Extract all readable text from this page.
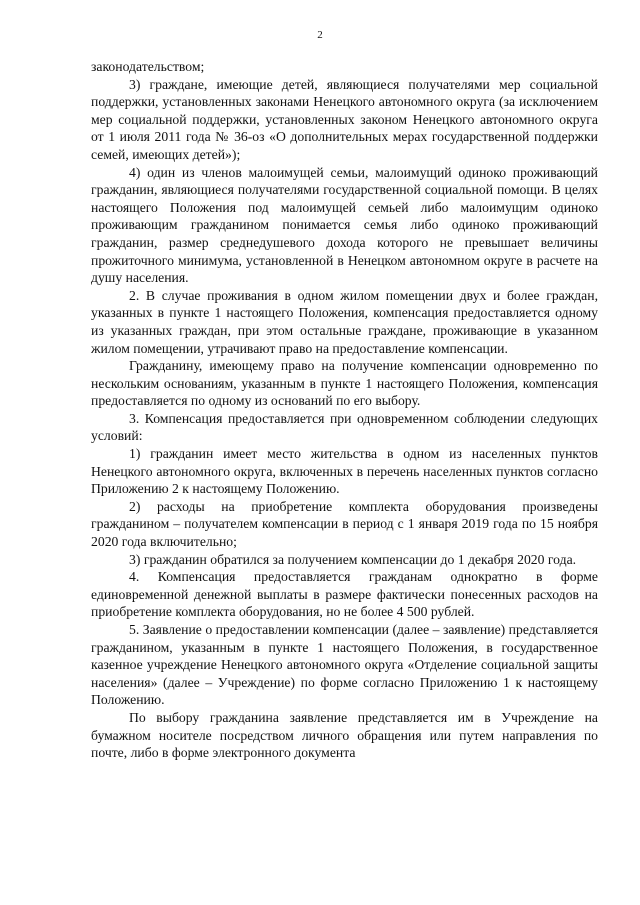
2

законодательством;

3) граждане, имеющие детей, являющиеся получателями мер социальной поддержки, установленных законами Ненецкого автономного округа (за исключением мер социальной поддержки, установленных законом Ненецкого автономного округа от 1 июля 2011 года № 36-оз «О дополнительных мерах государственной поддержки семей, имеющих детей»);

4) один из членов малоимущей семьи, малоимущий одиноко проживающий гражданин, являющиеся получателями государственной социальной помощи. В целях настоящего Положения под малоимущей семьей либо малоимущим одиноко проживающим гражданином понимается семья либо одиноко проживающий гражданин, размер среднедушевого дохода которого не превышает величины прожиточного минимума, установленной в Ненецком автономном округе в расчете на душу населения.

2. В случае проживания в одном жилом помещении двух и более граждан, указанных в пункте 1 настоящего Положения, компенсация предоставляется одному из указанных граждан, при этом остальные граждане, проживающие в указанном жилом помещении, утрачивают право на предоставление компенсации.

Гражданину, имеющему право на получение компенсации одновременно по нескольким основаниям, указанным в пункте 1 настоящего Положения, компенсация предоставляется по одному из оснований по его выбору.

3. Компенсация предоставляется при одновременном соблюдении следующих условий:

1) гражданин имеет место жительства в одном из населенных пунктов Ненецкого автономного округа, включенных в перечень населенных пунктов согласно Приложению 2 к настоящему Положению.

2) расходы на приобретение комплекта оборудования произведены гражданином – получателем компенсации в период с 1 января 2019 года по 15 ноября 2020 года включительно;

3) гражданин обратился за получением компенсации до 1 декабря 2020 года.

4. Компенсация предоставляется гражданам однократно в форме единовременной денежной выплаты в размере фактически понесенных расходов на приобретение комплекта оборудования, но не более 4 500 рублей.

5. Заявление о предоставлении компенсации (далее – заявление) представляется гражданином, указанным в пункте 1 настоящего Положения, в государственное казенное учреждение Ненецкого автономного округа «Отделение социальной защиты населения» (далее – Учреждение) по форме согласно Приложению 1 к настоящему Положению.

По выбору гражданина заявление представляется им в Учреждение на бумажном носителе посредством личного обращения или путем направления по почте, либо в форме электронного документа
